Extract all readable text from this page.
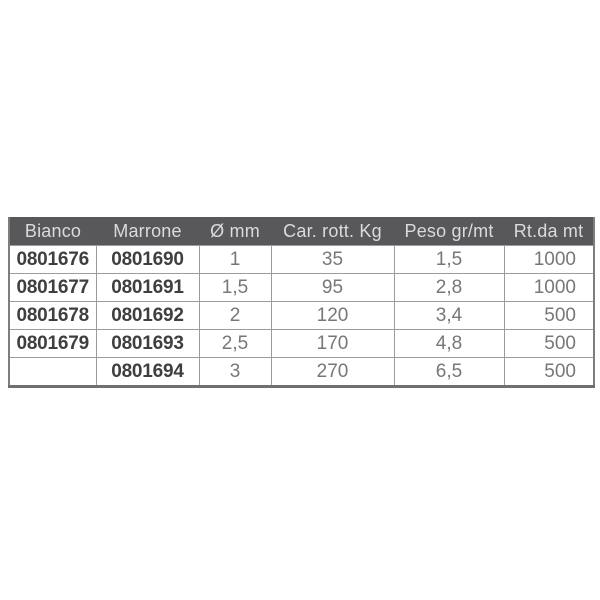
Bianco	Marrone	Ø mm	Car. rott. Kg	Peso gr/mt	Rt.da mt
0801676	0801690	1	35	1,5	1000
0801677	0801691	1,5	95	2,8	1000
0801678	0801692	2	120	3,4	500
0801679	0801693	2,5	170	4,8	500
	0801694	3	270	6,5	500
